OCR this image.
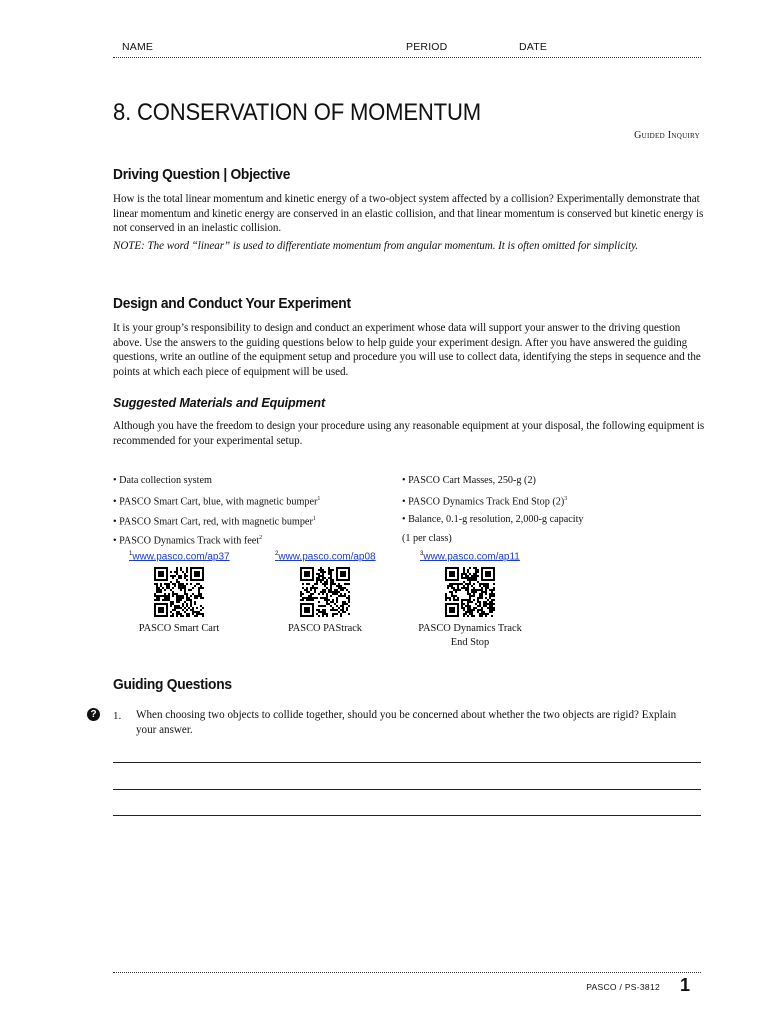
NAME	PERIOD	DATE
8. CONSERVATION OF MOMENTUM
Guided Inquiry
Driving Question | Objective

How is the total linear momentum and kinetic energy of a two-object system affected by a collision? Experimentally demonstrate that linear momentum and kinetic energy are conserved in an elastic collision, and that linear momentum is conserved but kinetic energy is not conserved in an inelastic collision.

NOTE: The word “linear” is used to differentiate momentum from angular momentum. It is often omitted for simplicity.

Design and Conduct Your Experiment

It is your group’s responsibility to design and conduct an experiment whose data will support your answer to the driving question above. Use the answers to the guiding questions below to help guide your experiment design. After you have answered the guiding questions, write an outline of the equipment setup and procedure you will use to collect data, identifying the steps in sequence and the points at which each piece of equipment will be used.

Suggested Materials and Equipment

Although you have the freedom to design your procedure using any reasonable equipment at your disposal, the following equipment is recommended for your experimental setup.

• Data collection system
• PASCO Smart Cart, blue, with magnetic bumper$^1$
• PASCO Smart Cart, red, with magnetic bumper$^1$
• PASCO Dynamics Track with feet$^2$
• PASCO Cart Masses, 250-g (2)
• PASCO Dynamics Track End Stop $(2)^3$
• Balance, 0.1-g resolution, 2,000-g capacity
(1 per class)
$^1$www.pasco.com/ap37
PASCO Smart Cart
$^2$www.pasco.com/ap08
PASCO PAStrack
$^3$www.pasco.com/ap11
PASCO Dynamics Track End Stop
Guiding Questions
?	1. When choosing two objects to collide together, should you be concerned about whether the two objects are rigid? Explain your answer.

PASCO / PS-3812 1
